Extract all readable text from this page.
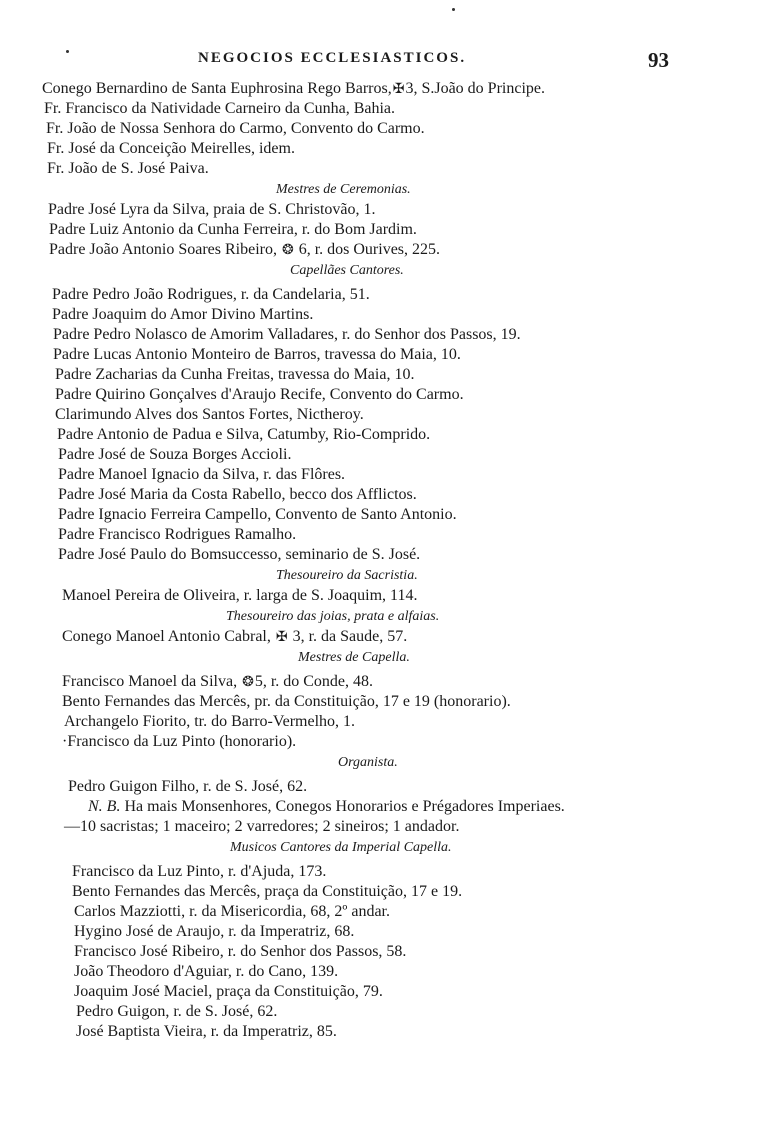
NEGOCIOS ECCLESIASTICOS.	93
Conego Bernardino de Santa Euphrosina Rego Barros,✠3, S.João do Principe.
Fr. Francisco da Natividade Carneiro da Cunha, Bahia.
Fr. João de Nossa Senhora do Carmo, Convento do Carmo.
Fr. José da Conceição Meirelles, idem.
Fr. João de S. José Paiva.
Mestres de Ceremonias.
Padre José Lyra da Silva, praia de S. Christovão, 1.
Padre Luiz Antonio da Cunha Ferreira, r. do Bom Jardim.
Padre João Antonio Soares Ribeiro, ❂ 6, r. dos Ourives, 225.
Capellães Cantores.
Padre Pedro João Rodrigues, r. da Candelaria, 51.
Padre Joaquim do Amor Divino Martins.
Padre Pedro Nolasco de Amorim Valladares, r. do Senhor dos Passos, 19.
Padre Lucas Antonio Monteiro de Barros, travessa do Maia, 10.
Padre Zacharias da Cunha Freitas, travessa do Maia, 10.
Padre Quirino Gonçalves d'Araujo Recife, Convento do Carmo.
Clarimundo Alves dos Santos Fortes, Nictheroy.
Padre Antonio de Padua e Silva, Catumby, Rio-Comprido.
Padre José de Souza Borges Accioli.
Padre Manoel Ignacio da Silva, r. das Flôres.
Padre José Maria da Costa Rabello, becco dos Afflictos.
Padre Ignacio Ferreira Campello, Convento de Santo Antonio.
Padre Francisco Rodrigues Ramalho.
Padre José Paulo do Bomsuccesso, seminario de S. José.
Thesoureiro da Sacristia.
Manoel Pereira de Oliveira, r. larga de S. Joaquim, 114.
Thesoureiro das joias, prata e alfaias.
Conego Manoel Antonio Cabral, ✠ 3, r. da Saude, 57.
Mestres de Capella.
Francisco Manoel da Silva, ❂5, r. do Conde, 48.
Bento Fernandes das Mercês, pr. da Constituição, 17 e 19 (honorario).
Archangelo Fiorito, tr. do Barro-Vermelho, 1.
·Francisco da Luz Pinto (honorario).
Organista.
Pedro Guigon Filho, r. de S. José, 62.
N. B. Ha mais Monsenhores, Conegos Honorarios e Prégadores Imperiaes.
—10 sacristas; 1 maceiro; 2 varredores; 2 sineiros; 1 andador.
Musicos Cantores da Imperial Capella.
Francisco da Luz Pinto, r. d'Ajuda, 173.
Bento Fernandes das Mercês, praça da Constituição, 17 e 19.
Carlos Mazziotti, r. da Misericordia, 68, 2º andar.
Hygino José de Araujo, r. da Imperatriz, 68.
Francisco José Ribeiro, r. do Senhor dos Passos, 58.
João Theodoro d'Aguiar, r. do Cano, 139.
Joaquim José Maciel, praça da Constituição, 79.
Pedro Guigon, r. de S. José, 62.
José Baptista Vieira, r. da Imperatriz, 85.
